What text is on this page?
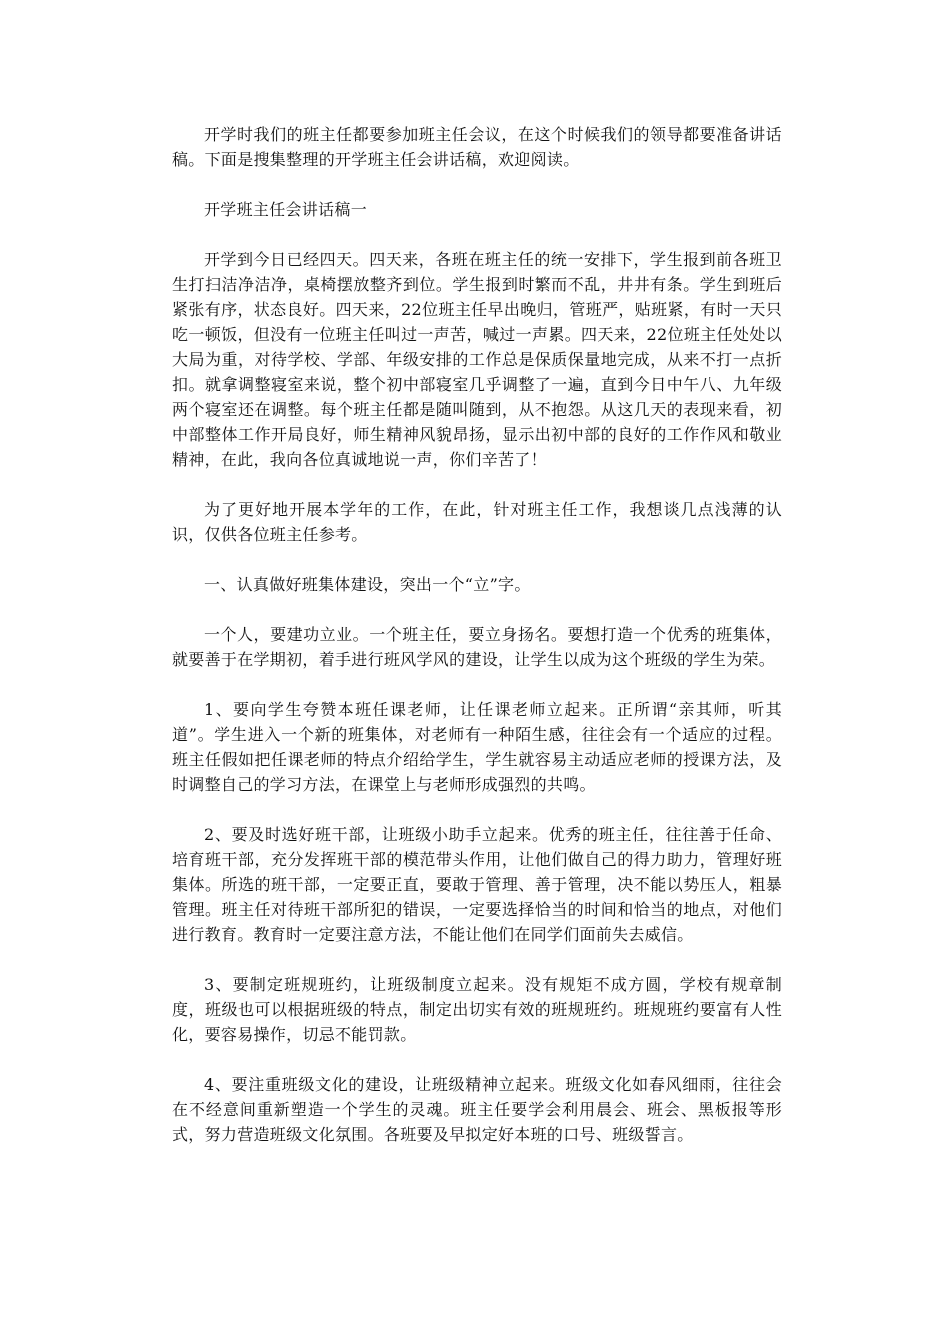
开学时我们的班主任都要参加班主任会议，在这个时候我们的领导都要准备讲话稿。下面是搜集整理的开学班主任会讲话稿，欢迎阅读。

开学班主任会讲话稿一

开学到今日已经四天。四天来，各班在班主任的统一安排下，学生报到前各班卫生打扫洁净洁净，桌椅摆放整齐到位。学生报到时繁而不乱，井井有条。学生到班后紧张有序，状态良好。四天来，22位班主任早出晚归，管班严，贴班紧，有时一天只吃一顿饭，但没有一位班主任叫过一声苦，喊过一声累。四天来，22位班主任处处以大局为重，对待学校、学部、年级安排的工作总是保质保量地完成，从来不打一点折扣。就拿调整寝室来说，整个初中部寝室几乎调整了一遍，直到今日中午八、九年级两个寝室还在调整。每个班主任都是随叫随到，从不抱怨。从这几天的表现来看，初中部整体工作开局良好，师生精神风貌昂扬，显示出初中部的良好的工作作风和敬业精神，在此，我向各位真诚地说一声，你们辛苦了！

为了更好地开展本学年的工作，在此，针对班主任工作，我想谈几点浅薄的认识，仅供各位班主任参考。

一、认真做好班集体建设，突出一个“立”字。

一个人，要建功立业。一个班主任，要立身扬名。要想打造一个优秀的班集体，就要善于在学期初，着手进行班风学风的建设，让学生以成为这个班级的学生为荣。

1、要向学生夸赞本班任课老师，让任课老师立起来。正所谓“亲其师，听其道”。学生进入一个新的班集体，对老师有一种陌生感，往往会有一个适应的过程。班主任假如把任课老师的特点介绍给学生，学生就容易主动适应老师的授课方法，及时调整自己的学习方法，在课堂上与老师形成强烈的共鸣。

2、要及时选好班干部，让班级小助手立起来。优秀的班主任，往往善于任命、培育班干部，充分发挥班干部的模范带头作用，让他们做自己的得力助力，管理好班集体。所选的班干部，一定要正直，要敢于管理、善于管理，决不能以势压人，粗暴管理。班主任对待班干部所犯的错误，一定要选择恰当的时间和恰当的地点，对他们进行教育。教育时一定要注意方法，不能让他们在同学们面前失去威信。

3、要制定班规班约，让班级制度立起来。没有规矩不成方圆，学校有规章制度，班级也可以根据班级的特点，制定出切实有效的班规班约。班规班约要富有人性化，要容易操作，切忌不能罚款。

4、要注重班级文化的建设，让班级精神立起来。班级文化如春风细雨，往往会在不经意间重新塑造一个学生的灵魂。班主任要学会利用晨会、班会、黑板报等形式，努力营造班级文化氛围。各班要及早拟定好本班的口号、班级誓言。
